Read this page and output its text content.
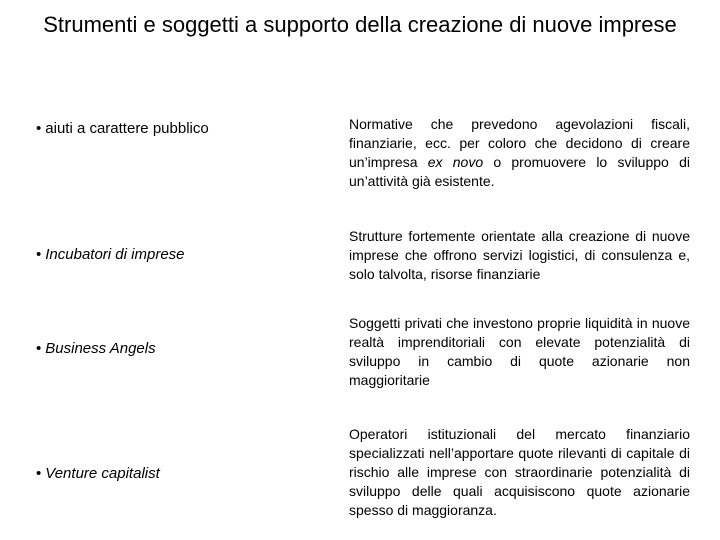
Strumenti e soggetti a supporto della creazione di nuove imprese
• aiuti a carattere pubblico	Normative che prevedono agevolazioni fiscali, finanziarie, ecc. per coloro che decidono di creare un’impresa ex novo o promuovere lo sviluppo di un’attività già esistente.
• Incubatori di imprese
Strutture fortemente orientate alla creazione di nuove imprese che offrono servizi logistici, di consulenza e, solo talvolta, risorse finanziarie
• Business Angels
Soggetti privati che investono proprie liquidità in nuove realtà imprenditoriali con elevate potenzialità di sviluppo in cambio di quote azionarie non maggioritarie
• Venture capitalist
Operatori istituzionali del mercato finanziario specializzati nell’apportare quote rilevanti di capitale di rischio alle imprese con straordinarie potenzialità di sviluppo delle quali acquisiscono quote azionarie spesso di maggioranza.
